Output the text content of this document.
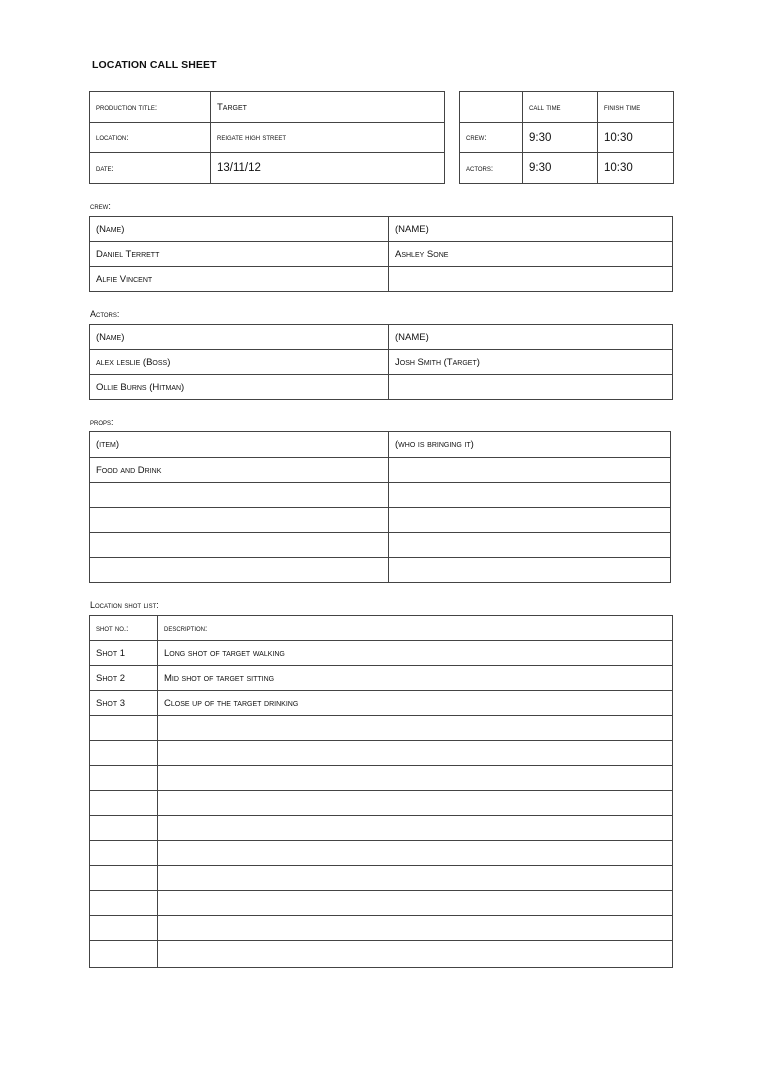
LOCATION CALL SHEET
production title:	Target
location:	reigate high street
date:	13/11/12
	call time	finish time
crew:	9:30	10:30
actors:	9:30	10:30
crew:
(Name)	(NAME)
Daniel Terrett	Ashley Sone
Alfie Vincent	
Actors:
(Name)	(NAME)
alex leslie (Boss)	Josh Smith (Target)
Ollie Burns (Hitman)	
props:
(item)	(who is bringing it)
Food and Drink	

Location shot list:
shot no.:	description:
Shot 1	Long shot of target walking
Shot 2	Mid shot of target sitting
Shot 3	Close up of the target drinking
